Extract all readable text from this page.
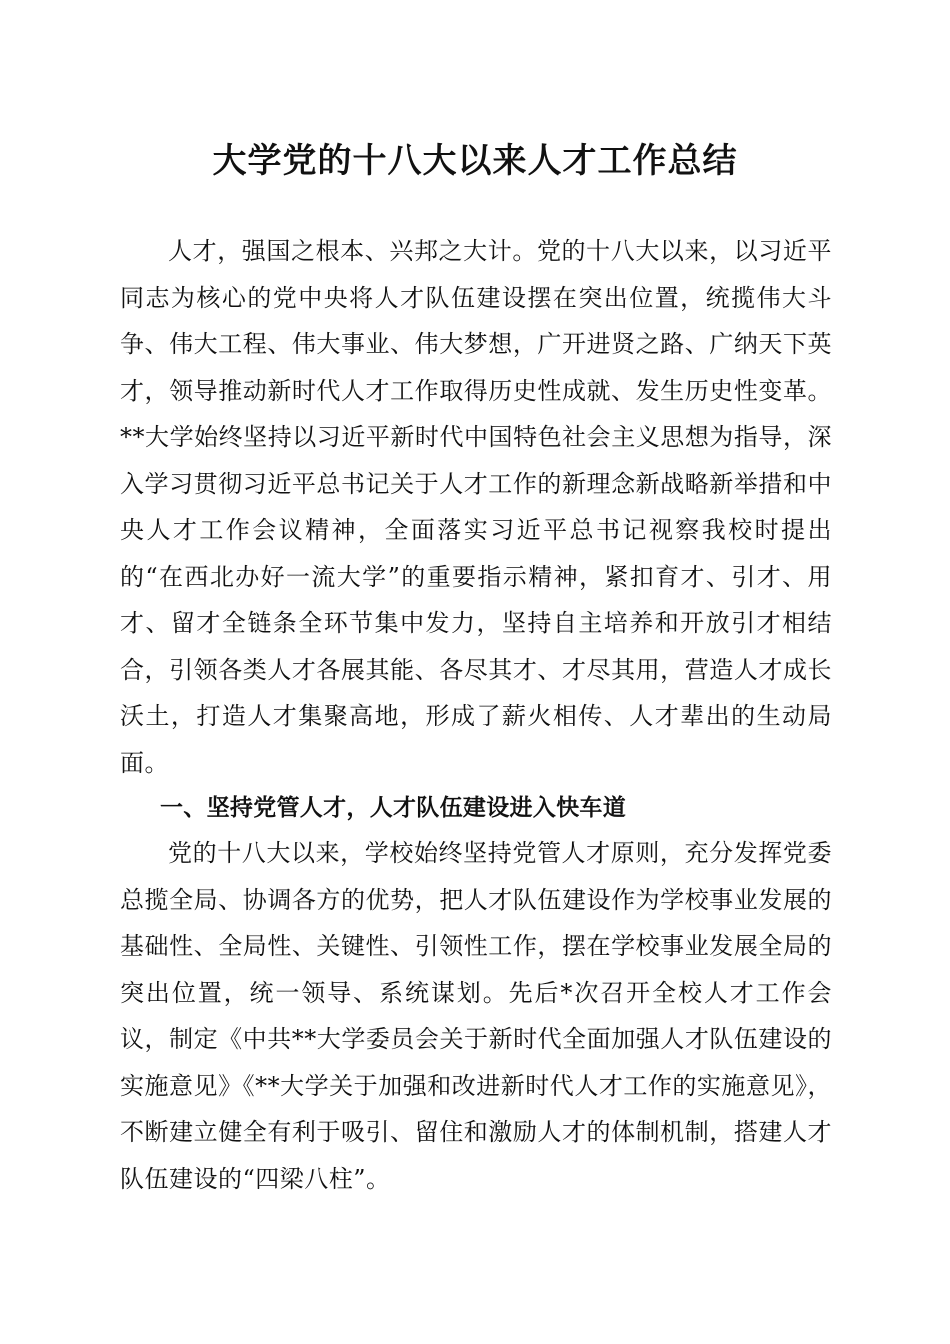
大学党的十八大以来人才工作总结

人才，强国之根本、兴邦之大计。党的十八大以来，以习近平同志为核心的党中央将人才队伍建设摆在突出位置，统揽伟大斗争、伟大工程、伟大事业、伟大梦想，广开进贤之路、广纳天下英才，领导推动新时代人才工作取得历史性成就、发生历史性变革。**大学始终坚持以习近平新时代中国特色社会主义思想为指导，深入学习贯彻习近平总书记关于人才工作的新理念新战略新举措和中央人才工作会议精神，全面落实习近平总书记视察我校时提出的“在西北办好一流大学”的重要指示精神，紧扣育才、引才、用才、留才全链条全环节集中发力，坚持自主培养和开放引才相结合，引领各类人才各展其能、各尽其才、才尽其用，营造人才成长沃土，打造人才集聚高地，形成了薪火相传、人才辈出的生动局面。

一、坚持党管人才，人才队伍建设进入快车道

党的十八大以来，学校始终坚持党管人才原则，充分发挥党委总揽全局、协调各方的优势，把人才队伍建设作为学校事业发展的基础性、全局性、关键性、引领性工作，摆在学校事业发展全局的突出位置，统一领导、系统谋划。先后*次召开全校人才工作会议，制定《中共**大学委员会关于新时代全面加强人才队伍建设的实施意见》《**大学关于加强和改进新时代人才工作的实施意见》，不断建立健全有利于吸引、留住和激励人才的体制机制，搭建人才队伍建设的“四梁八柱”。
